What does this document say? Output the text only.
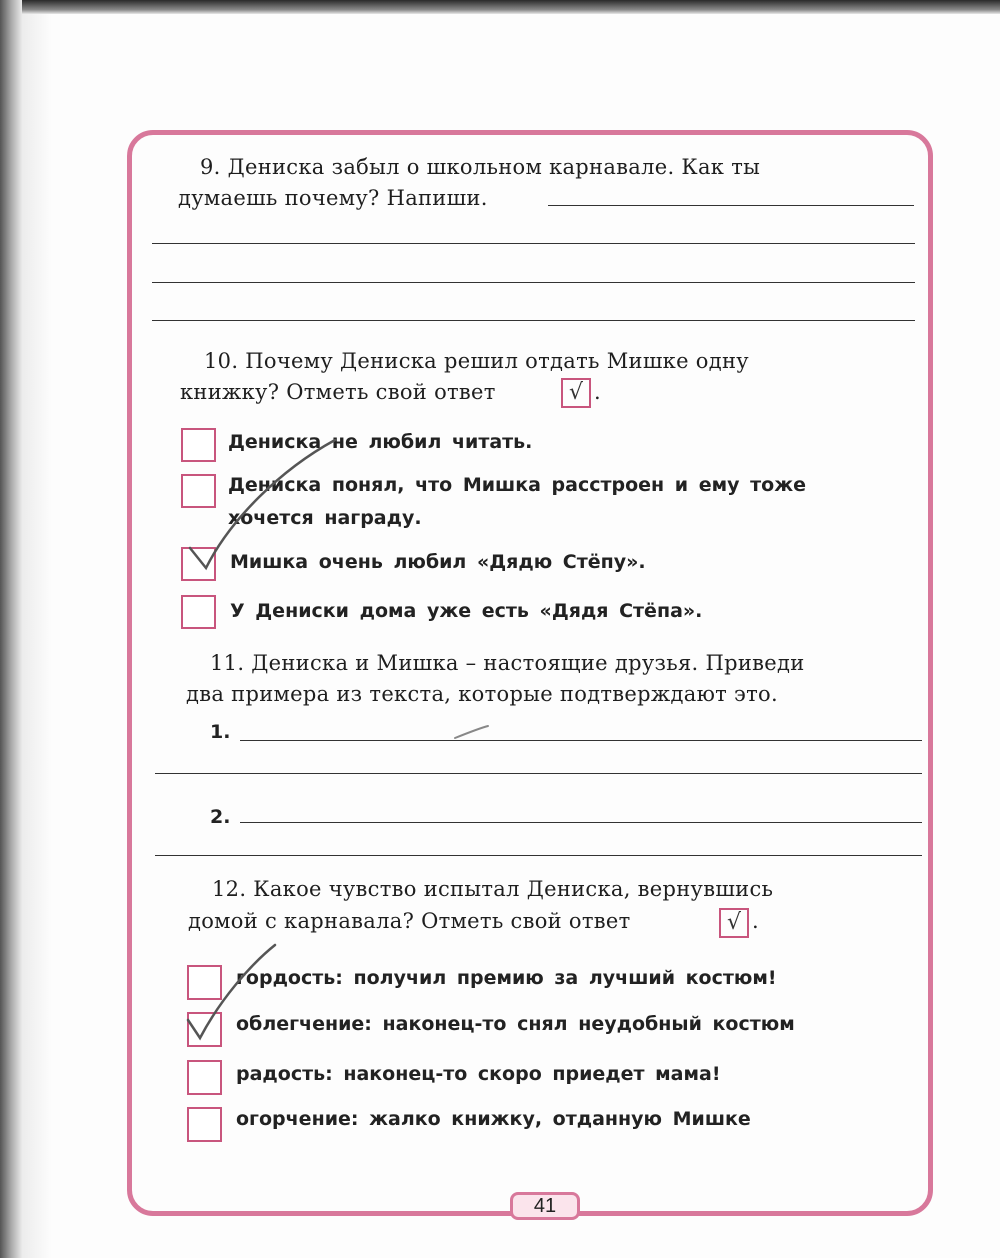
9. Дениска забыл о школьном карнавале. Как ты
думаешь почему? Напиши.
10. Почему Дениска решил отдать Мишке одну
книжку? Отметь свой ответ	√ .
Дениска не любил читать.
Дениска понял, что Мишка расстроен и ему тоже
хочется награду.
Мишка очень любил «Дядю Стёпу».
У Дениски дома уже есть «Дядя Стёпа».
11. Дениска и Мишка – настоящие друзья. Приведи
два примера из текста, которые подтверждают это.
1.
2.
12. Какое чувство испытал Дениска, вернувшись
домой с карнавала? Отметь свой ответ	√ .
гордость: получил премию за лучший костюм!
облегчение: наконец-то снял неудобный костюм
радость: наконец-то скоро приедет мама!
огорчение: жалко книжку, отданную Мишке
41
